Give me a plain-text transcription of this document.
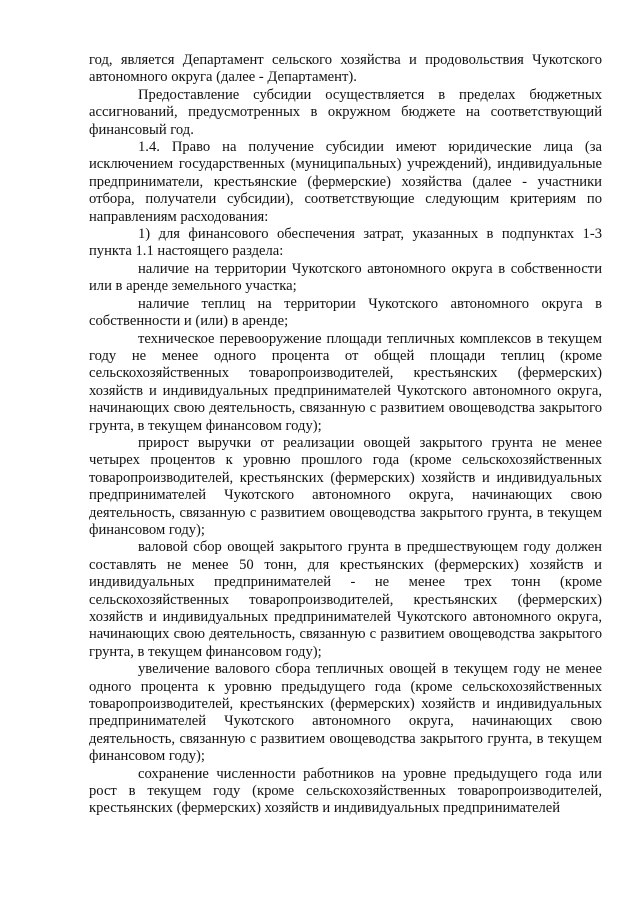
год, является Департамент сельского хозяйства и продовольствия Чукотского автономного округа (далее - Департамент).

Предоставление субсидии осуществляется в пределах бюджетных ассигнований, предусмотренных в окружном бюджете на соответствующий финансовый год.

1.4. Право на получение субсидии имеют юридические лица (за исключением государственных (муниципальных) учреждений), индивидуальные предприниматели, крестьянские (фермерские) хозяйства (далее - участники отбора, получатели субсидии), соответствующие следующим критериям по направлениям расходования:

1) для финансового обеспечения затрат, указанных в подпунктах 1-3 пункта 1.1 настоящего раздела:

наличие на территории Чукотского автономного округа в собственности или в аренде земельного участка;

наличие теплиц на территории Чукотского автономного округа в собственности и (или) в аренде;

техническое перевооружение площади тепличных комплексов в текущем году не менее одного процента от общей площади теплиц (кроме сельскохозяйственных товаропроизводителей, крестьянских (фермерских) хозяйств и индивидуальных предпринимателей Чукотского автономного округа, начинающих свою деятельность, связанную с развитием овощеводства закрытого грунта, в текущем финансовом году);

прирост выручки от реализации овощей закрытого грунта не менее четырех процентов к уровню прошлого года (кроме сельскохозяйственных товаропроизводителей, крестьянских (фермерских) хозяйств и индивидуальных предпринимателей Чукотского автономного округа, начинающих свою деятельность, связанную с развитием овощеводства закрытого грунта, в текущем финансовом году);

валовой сбор овощей закрытого грунта в предшествующем году должен составлять не менее 50 тонн, для крестьянских (фермерских) хозяйств и индивидуальных предпринимателей - не менее трех тонн (кроме сельскохозяйственных товаропроизводителей, крестьянских (фермерских) хозяйств и индивидуальных предпринимателей Чукотского автономного округа, начинающих свою деятельность, связанную с развитием овощеводства закрытого грунта, в текущем финансовом году);

увеличение валового сбора тепличных овощей в текущем году не менее одного процента к уровню предыдущего года (кроме сельскохозяйственных товаропроизводителей, крестьянских (фермерских) хозяйств и индивидуальных предпринимателей Чукотского автономного округа, начинающих свою деятельность, связанную с развитием овощеводства закрытого грунта, в текущем финансовом году);

сохранение численности работников на уровне предыдущего года или рост в текущем году (кроме сельскохозяйственных товаропроизводителей, крестьянских (фермерских) хозяйств и индивидуальных предпринимателей
